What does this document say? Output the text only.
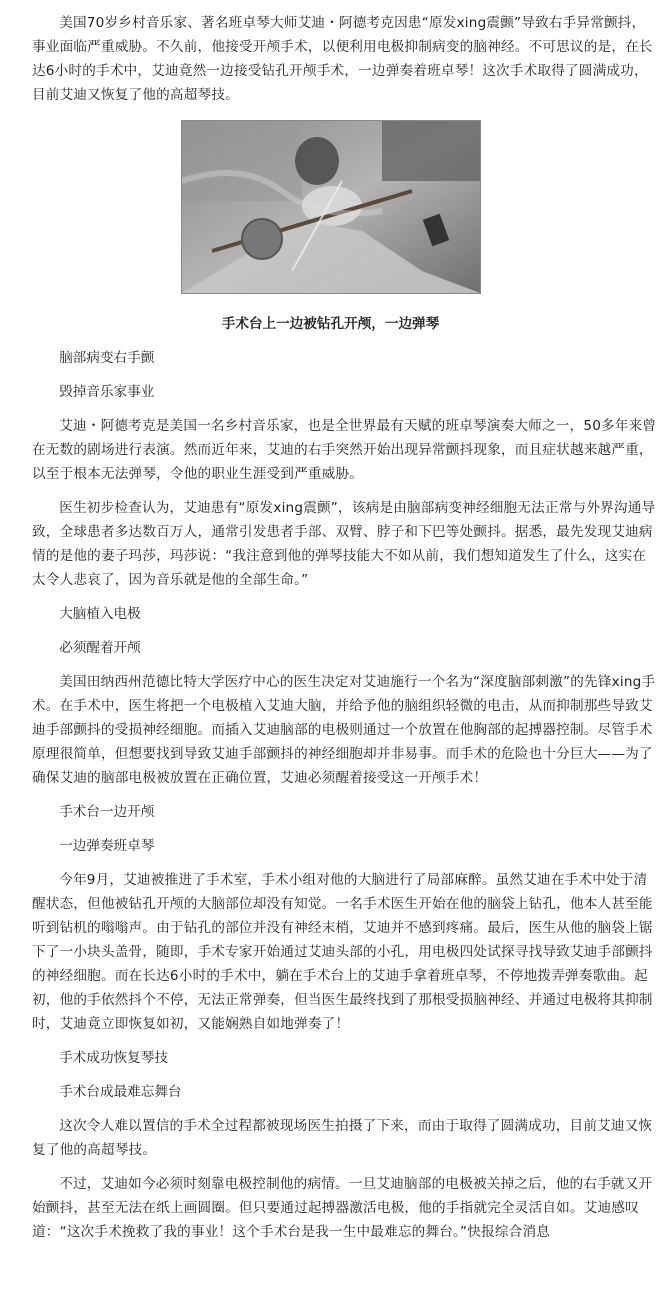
美国70岁乡村音乐家、著名班卓琴大师艾迪・阿德考克因患“原发xing震颤”导致右手异常颤抖，事业面临严重威胁。不久前，他接受开颅手术，以便利用电极抑制病变的脑神经。不可思议的是，在长达6小时的手术中，艾迪竟然一边接受钻孔开颅手术，一边弹奏着班卓琴！这次手术取得了圆满成功，目前艾迪又恢复了他的高超琴技。

手术台上一边被钻孔开颅，一边弹琴

脑部病变右手颤

毁掉音乐家事业

艾迪・阿德考克是美国一名乡村音乐家，也是全世界最有天赋的班卓琴演奏大师之一，50多年来曾在无数的剧场进行表演。然而近年来，艾迪的右手突然开始出现异常颤抖现象，而且症状越来越严重，以至于根本无法弹琴，令他的职业生涯受到严重威胁。

医生初步检查认为，艾迪患有“原发xing震颤”，该病是由脑部病变神经细胞无法正常与外界沟通导致，全球患者多达数百万人，通常引发患者手部、双臂、脖子和下巴等处颤抖。据悉，最先发现艾迪病情的是他的妻子玛莎，玛莎说：“我注意到他的弹琴技能大不如从前，我们想知道发生了什么，这实在太令人悲哀了，因为音乐就是他的全部生命。”

大脑植入电极

必须醒着开颅

美国田纳西州范德比特大学医疗中心的医生决定对艾迪施行一个名为“深度脑部刺激”的先锋xing手术。在手术中，医生将把一个电极植入艾迪大脑，并给予他的脑组织轻微的电击，从而抑制那些导致艾迪手部颤抖的受损神经细胞。而插入艾迪脑部的电极则通过一个放置在他胸部的起搏器控制。尽管手术原理很简单，但想要找到导致艾迪手部颤抖的神经细胞却并非易事。而手术的危险也十分巨大——为了确保艾迪的脑部电极被放置在正确位置，艾迪必须醒着接受这一开颅手术！

手术台一边开颅

一边弹奏班卓琴

今年9月，艾迪被推进了手术室，手术小组对他的大脑进行了局部麻醉。虽然艾迪在手术中处于清醒状态，但他被钻孔开颅的大脑部位却没有知觉。一名手术医生开始在他的脑袋上钻孔，他本人甚至能听到钻机的嗡嗡声。由于钻孔的部位并没有神经末梢，艾迪并不感到疼痛。最后，医生从他的脑袋上锯下了一小块头盖骨，随即，手术专家开始通过艾迪头部的小孔，用电极四处试探寻找导致艾迪手部颤抖的神经细胞。而在长达6小时的手术中，躺在手术台上的艾迪手拿着班卓琴，不停地拨弄弹奏歌曲。起初，他的手依然抖个不停，无法正常弹奏，但当医生最终找到了那根受损脑神经、并通过电极将其抑制时，艾迪竟立即恢复如初，又能娴熟自如地弹奏了！

手术成功恢复琴技

手术台成最难忘舞台

这次令人难以置信的手术全过程都被现场医生拍摄了下来，而由于取得了圆满成功，目前艾迪又恢复了他的高超琴技。

不过，艾迪如今必须时刻靠电极控制他的病情。一旦艾迪脑部的电极被关掉之后，他的右手就又开始颤抖，甚至无法在纸上画圆圈。但只要通过起搏器激活电极，他的手指就完全灵活自如。艾迪感叹道：“这次手术挽救了我的事业！这个手术台是我一生中最难忘的舞台。”快报综合消息
